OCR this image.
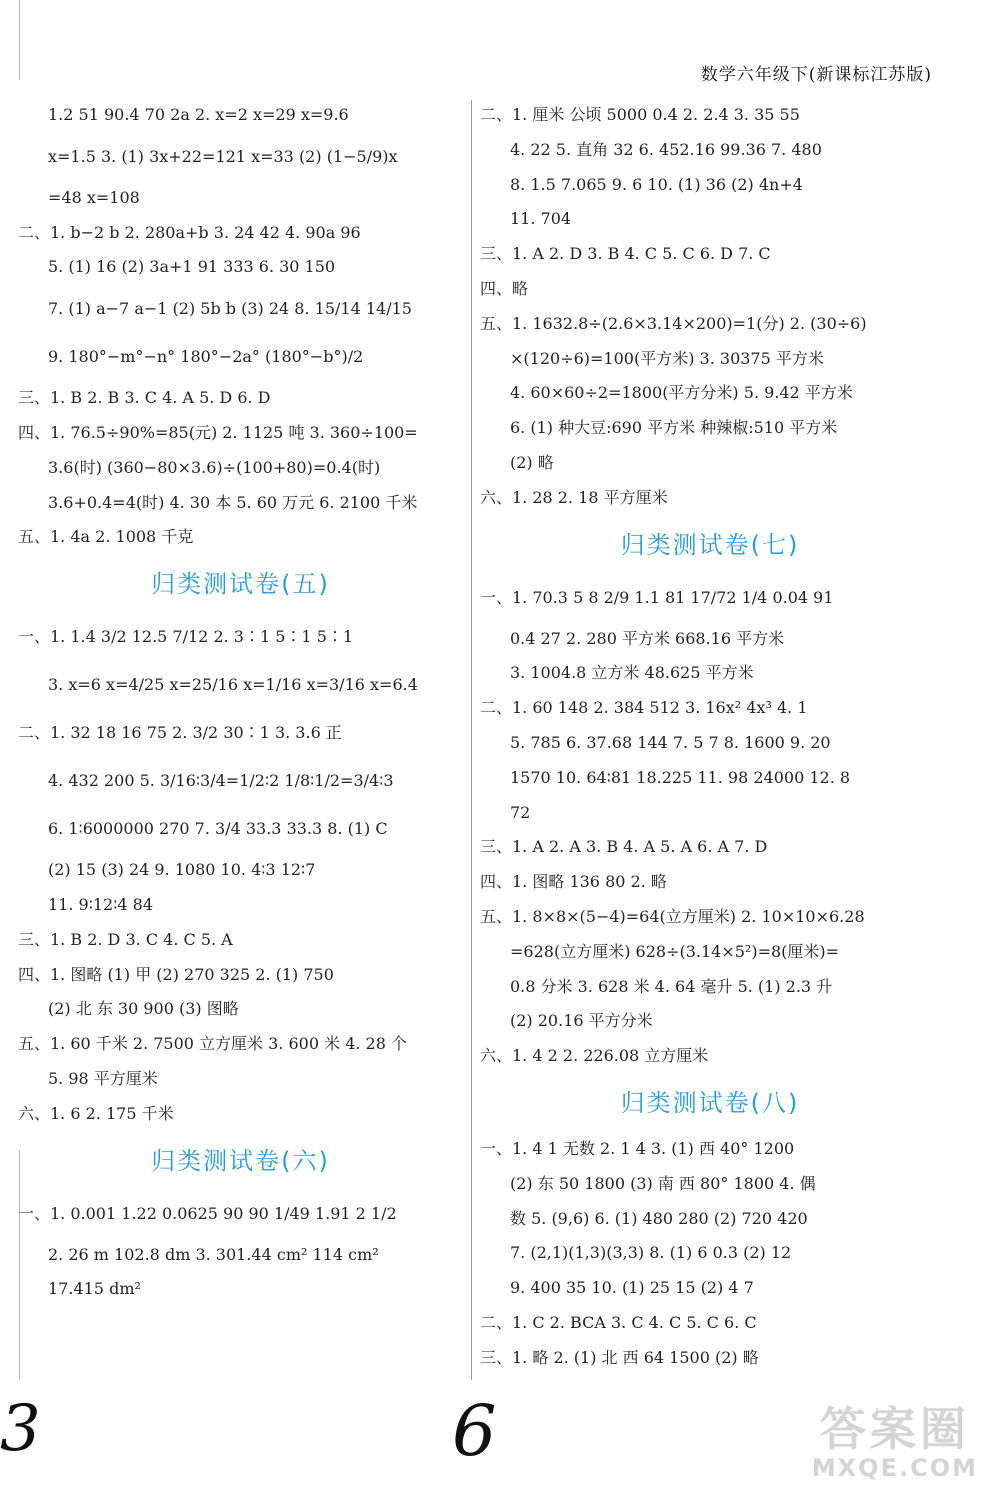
数学六年级下(新课标江苏版)
1.2 51 90.4 70 2a 2. x=2 x=29 x=9.6
x=1.5 3. (1) 3x+22=121 x=33 (2) (1−5/9)x
=48 x=108
二、1. b−2 b 2. 280a+b 3. 24 42 4. 90a 96
5. (1) 16 (2) 3a+1 91 333 6. 30 150
7. (1) a−7 a−1 (2) 5b b (3) 24 8. 15/14 14/15
9. 180°−m°−n° 180°−2a° (180°−b°)/2
三、1. B 2. B 3. C 4. A 5. D 6. D
四、1. 76.5÷90%=85(元) 2. 1125 吨 3. 360÷100=
3.6(时) (360−80×3.6)÷(100+80)=0.4(时)
3.6+0.4=4(时) 4. 30 本 5. 60 万元 6. 2100 千米
五、1. 4a 2. 1008 千克
归类测试卷(五)
一、1. 1.4 3/2 12.5 7/12 2. 3∶1 5∶1 5∶1
3. x=6 x=4/25 x=25/16 x=1/16 x=3/16 x=6.4
二、1. 32 18 16 75 2. 3/2 30∶1 3. 3.6 正
4. 432 200 5. 3/16∶3/4=1/2∶2 1/8∶1/2=3/4∶3
6. 1∶6000000 270 7. 3/4 33.3 33.3 8. (1) C
(2) 15 (3) 24 9. 1080 10. 4∶3 12∶7
11. 9∶12∶4 84
三、1. B 2. D 3. C 4. C 5. A
四、1. 图略 (1) 甲 (2) 270 325 2. (1) 750
(2) 北 东 30 900 (3) 图略
五、1. 60 千米 2. 7500 立方厘米 3. 600 米 4. 28 个
5. 98 平方厘米
六、1. 6 2. 175 千米
归类测试卷(六)
一、1. 0.001 1.22 0.0625 90 90 1/49 1.91 2 1/2
2. 26 m 102.8 dm 3. 301.44 cm² 114 cm²
17.415 dm²
二、1. 厘米 公顷 5000 0.4 2. 2.4 3. 35 55
4. 22 5. 直角 32 6. 452.16 99.36 7. 480
8. 1.5 7.065 9. 6 10. (1) 36 (2) 4n+4
11. 704
三、1. A 2. D 3. B 4. C 5. C 6. D 7. C
四、略
五、1. 1632.8÷(2.6×3.14×200)=1(分) 2. (30÷6)
×(120÷6)=100(平方米) 3. 30375 平方米
4. 60×60÷2=1800(平方分米) 5. 9.42 平方米
6. (1) 种大豆:690 平方米 种辣椒:510 平方米
(2) 略
六、1. 28 2. 18 平方厘米
归类测试卷(七)
一、1. 70.3 5 8 2/9 1.1 81 17/72 1/4 0.04 91
0.4 27 2. 280 平方米 668.16 平方米
3. 1004.8 立方米 48.625 平方米
二、1. 60 148 2. 384 512 3. 16x² 4x³ 4. 1
5. 785 6. 37.68 144 7. 5 7 8. 1600 9. 20
1570 10. 64∶81 18.225 11. 98 24000 12. 8
72
三、1. A 2. A 3. B 4. A 5. A 6. A 7. D
四、1. 图略 136 80 2. 略
五、1. 8×8×(5−4)=64(立方厘米) 2. 10×10×6.28
=628(立方厘米) 628÷(3.14×5²)=8(厘米)=
0.8 分米 3. 628 米 4. 64 毫升 5. (1) 2.3 升
(2) 20.16 平方分米
六、1. 4 2 2. 226.08 立方厘米
归类测试卷(八)
一、1. 4 1 无数 2. 1 4 3. (1) 西 40° 1200
(2) 东 50 1800 (3) 南 西 80° 1800 4. 偶
数 5. (9,6) 6. (1) 480 280 (2) 720 420
7. (2,1)(1,3)(3,3) 8. (1) 6 0.3 (2) 12
9. 400 35 10. (1) 25 15 (2) 4 7
二、1. C 2. BCA 3. C 4. C 5. C 6. C
三、1. 略 2. (1) 北 西 64 1500 (2) 略
3	6	答案圈
MXQE.COM
